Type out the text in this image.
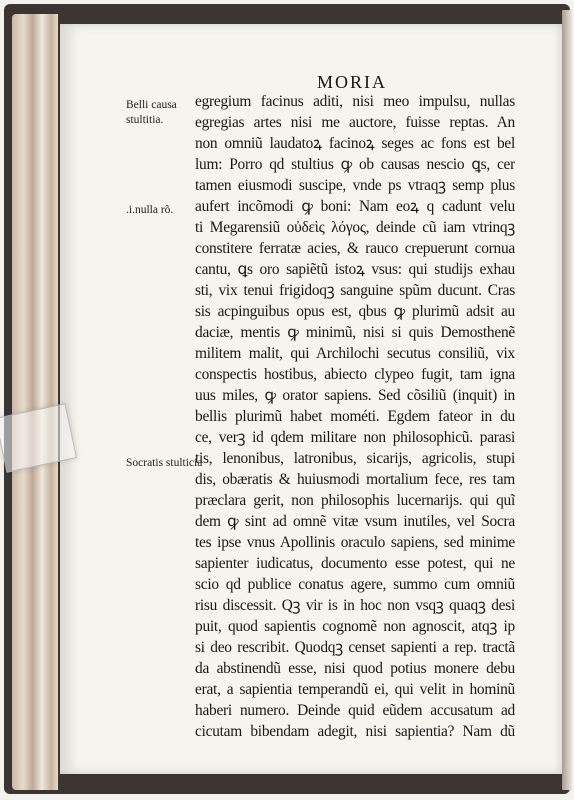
MORIA
Belli causa stultitia.
.i.nulla rõ.
Socratis stulticia
egregium facinus aditi, nisi meo impulsu, nullas
egregias artes nisi me auctore, fuisse reptas. An
non omniũ laudatoꝝ facinoꝝ seges ac fons est bel
lum: Porro qd stultius ꝙ ob causas nescio ꝗs, cer
tamen eiusmodi suscipe, vnde ps vtraqꝫ semp plus
aufert incõmodi ꝙ boni: Nam eoꝝ q cadunt velu
ti Megarensiũ οὐδεὶς λόγος, deinde cũ iam vtrinqꝫ
constitere ferratæ acies, & rauco crepuerunt cornua
cantu, ꝗs oro sapiẽtũ istoꝝ vsus: qui studijs exhau
sti, vix tenui frigidoqꝫ sanguine spũm ducunt. Cras
sis acpinguibus opus est, qbus ꝙ plurimũ adsit au
daciæ, mentis ꝙ minimũ, nisi si quis Demosthenẽ
militem malit, qui Archilochi secutus consiliũ, vix
conspectis hostibus, abiecto clypeo fugit, tam igna
uus miles, ꝙ orator sapiens. Sed cõsiliũ (inquit) in
bellis plurimũ habet mométi. Egdem fateor in du
ce, verꝫ id qdem militare non philosophicũ. parasi
tis, lenonibus, latronibus, sicarijs, agricolis, stupi
dis, obæratis & huiusmodi mortalium fece, res tam
præclara gerit, non philosophis lucernarijs. qui quĩ
dem ꝙ sint ad omnẽ vitæ vsum inutiles, vel Socra
tes ipse vnus Apollinis oraculo sapiens, sed minime
sapienter iudicatus, documento esse potest, qui ne
scio qd publice conatus agere, summo cum omniũ
risu discessit. Qꝫ vir is in hoc non vsqꝫ quaqꝫ desi
puit, quod sapientis cognomẽ non agnoscit, atqꝫ ip
si deo rescribit. Quodqꝫ censet sapienti a rep. tractã
da abstinendũ esse, nisi quod potius monere debu
erat, a sapientia temperandũ ei, qui velit in hominũ
haberi numero. Deinde quid eũdem accusatum ad
cicutam bibendam adegit, nisi sapientia? Nam dũ
